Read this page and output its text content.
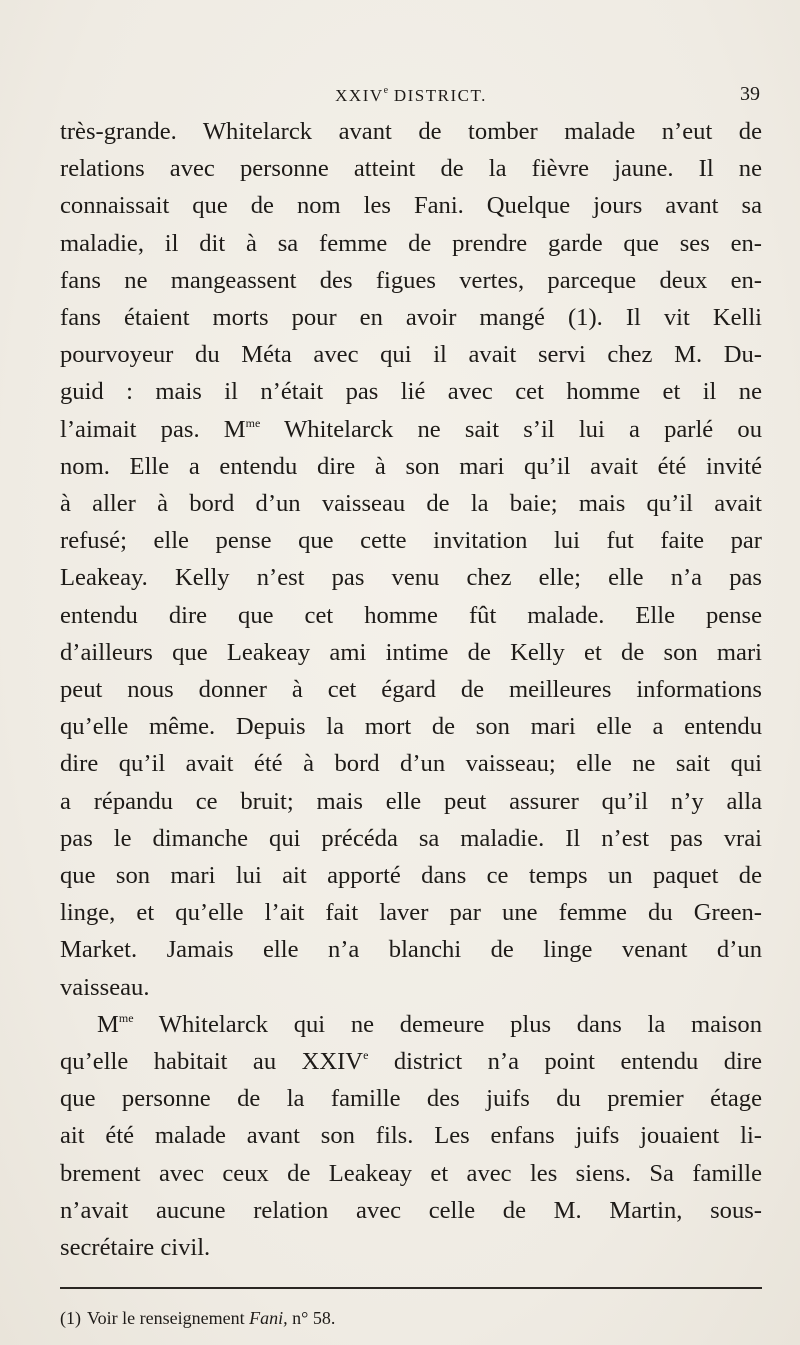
XXIVe DISTRICT.	39

très-grande. Whitelarck avant de tomber malade n’eut de
relations avec personne atteint de la fièvre jaune. Il ne
connaissait que de nom les Fani. Quelque jours avant sa
maladie, il dit à sa femme de prendre garde que ses en-
fans ne mangeassent des figues vertes, parceque deux en-
fans étaient morts pour en avoir mangé (1). Il vit Kelli
pourvoyeur du Méta avec qui il avait servi chez M. Du-
guid : mais il n’était pas lié avec cet homme et il ne
l’aimait pas. $M^{me}$ Whitelarck ne sait s’il lui a parlé ou
nom. Elle a entendu dire à son mari qu’il avait été invité
à aller à bord d’un vaisseau de la baie; mais qu’il avait
refusé; elle pense que cette invitation lui fut faite par
Leakeay. Kelly n’est pas venu chez elle; elle n’a pas
entendu dire que cet homme fût malade. Elle pense
d’ailleurs que Leakeay ami intime de Kelly et de son mari
peut nous donner à cet égard de meilleures informations
qu’elle même. Depuis la mort de son mari elle a entendu
dire qu’il avait été à bord d’un vaisseau; elle ne sait qui
a répandu ce bruit; mais elle peut assurer qu’il n’y alla
pas le dimanche qui précéda sa maladie. Il n’est pas vrai
que son mari lui ait apporté dans ce temps un paquet de
linge, et qu’elle l’ait fait laver par une femme du Green-
Market. Jamais elle n’a blanchi de linge venant d’un
vaisseau.

$M^{me}$ Whitelarck qui ne demeure plus dans la maison
qu’elle habitait au XXIVe district n’a point entendu dire
que personne de la famille des juifs du premier étage
ait été malade avant son fils. Les enfans juifs jouaient li-
brement avec ceux de Leakeay et avec les siens. Sa famille
n’avait aucune relation avec celle de M. Martin, sous-
secrétaire civil.

(1) Voir le renseignement Fani, n° 58.
